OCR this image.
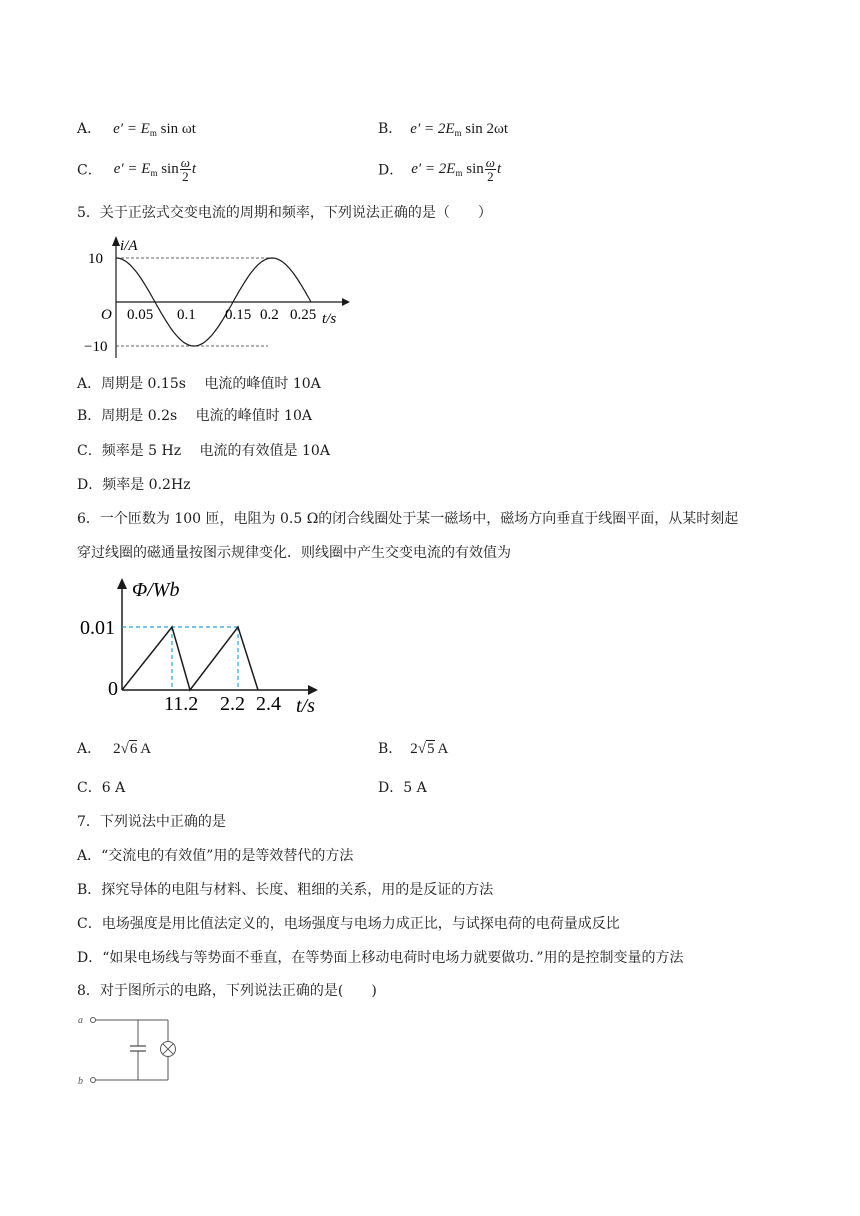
A． $e' = E_m$ sin ωt	B． $e' = 2E_m$ sin 2ωt
C． $e' = E_m$ $\sin \frac{\omega}{2}$ t	D． $e' = 2E_m$ $\sin \frac{\omega}{2}$ t
5．关于正弦式交变电流的周期和频率，下列说法正确的是（　　）
i/A
10
−10
O 0.05 0.1 0.15 0.2 0.25 t/s
A．周期是 0.15s　 电流的峰值时 10A
B．周期是 0.2s　 电流的峰值时 10A
C．频率是 5 Hz　 电流的有效值是 10A
D．频率是 0.2Hz
6．一个匝数为 100 匝，电阻为 0.5 Ω的闭合线圈处于某一磁场中，磁场方向垂直于线圈平面，从某时刻起
穿过线圈的磁通量按图示规律变化．则线圈中产生交变电流的有效值为
Φ/Wb
0.01
0
11.2 2.2 2.4 t/s
A． 2√6 A	B． 2√5 A
C．6 A	D．5 A
7．下列说法中正确的是
A．“交流电的有效值”用的是等效替代的方法
B．探究导体的电阻与材料、长度、粗细的关系，用的是反证的方法
C．电场强度是用比值法定义的，电场强度与电场力成正比，与试探电荷的电荷量成反比
D．“如果电场线与等势面不垂直，在等势面上移动电荷时电场力就要做功．”用的是控制变量的方法
8．对于图所示的电路，下列说法正确的是(　　)
a
b
